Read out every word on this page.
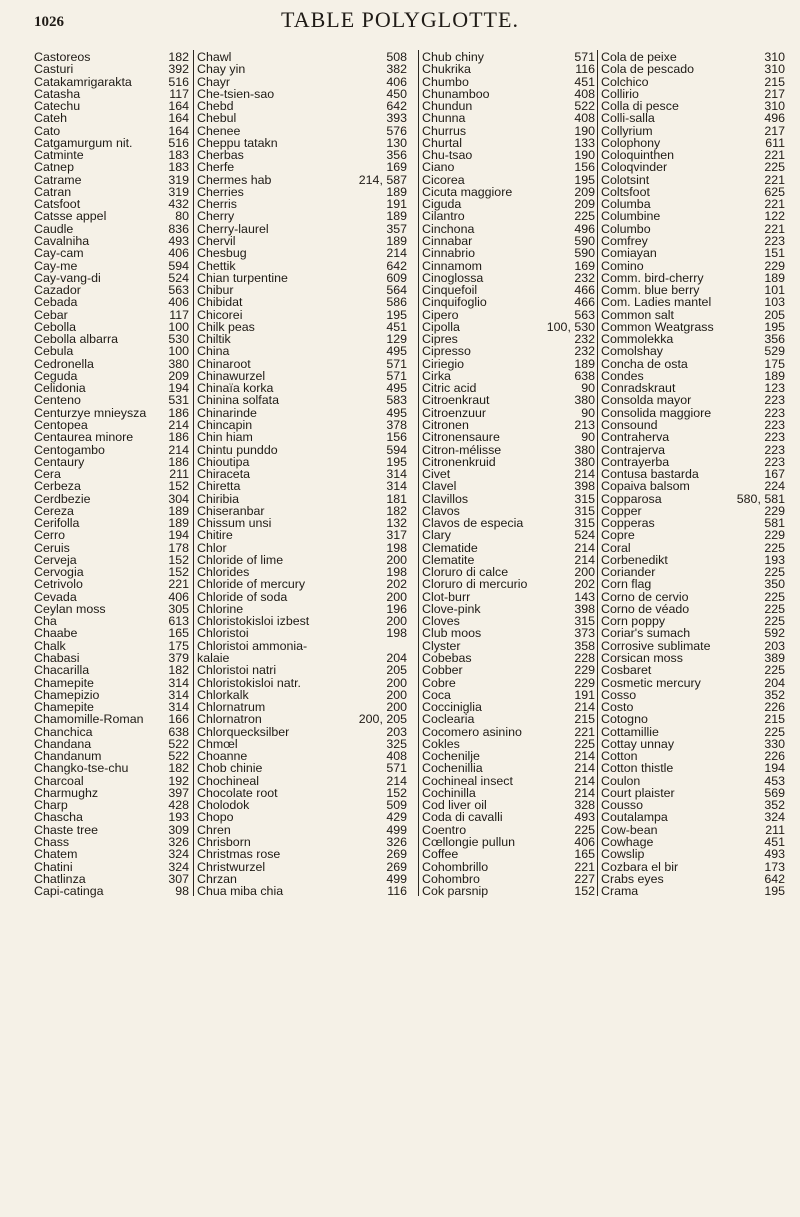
1026	TABLE POLYGLOTTE.
Castoreos	182
Casturi	392
Catakamrigarakta	516
Catasha	117
Catechu	164
Cateh	164
Cato	164
Catgamurgum nit.	516
Catminte	183
Catnep	183
Catrame	319
Catran	319
Catsfoot	432
Catsse appel	80
Caudle	836
Cavalniha	493
Cay-cam	406
Cay-me	594
Cay-vang-di	524
Cazador	563
Cebada	406
Cebar	117
Cebolla	100
Cebolla albarra	530
Cebula	100
Cedronella	380
Ceguda	209
Celidonia	194
Centeno	531
Centurzye mnieysza 186
Centopea	214
Centaurea minore	186
Centogambo	214
Centaury	186
Cera	211
Cerbeza	152
Cerdbezie	304
Cereza	189
Cerifolla	189
Cerro	194
Ceruis	178
Cerveja	152
Cervogia	152
Cetrivolo	221
Cevada	406
Ceylan moss	305
Cha	613
Chaabe	165
Chalk	175
Chabasi	379
Chacarilla	182
Chamepite	314
Chamepizio	314
Chamepite	314
Chamomille-Roman 166
Chanchica	638
Chandana	522
Chandanum	522
Changko-tse-chu	182
Charcoal	192
Charmughz	397
Charp	428
Chascha	193
Chaste tree	309
Chass	326
Chatem	324
Chatini	324
Chatlinza	307
Capi-catinga	98
Chawl	508
Chay yin	382
Chayr	406
Che-tsien-sao	450
Chebd	642
Chebul	393
Chenee	576
Cheppu tatakn	130
Cherbas	356
Cherfe	169
Chermes hab	214, 587
Cherries	189
Cherris	191
Cherry	189
Cherry-laurel	357
Chervil	189
Chesbug	214
Chettik	642
Chian turpentine	609
Chibur	564
Chibidat	586
Chicorei	195
Chilk peas	451
Chiltik	129
China	495
Chinaroot	571
Chinawurzel	571
Chinaïa korka	495
Chinina solfata	583
Chinarinde	495
Chincapin	378
Chin hiam	156
Chintu punddo	594
Chioutipa	195
Chiraceta	314
Chiretta	314
Chiribia	181
Chiseranbar	182
Chissum unsi	132
Chitire	317
Chlor	198
Chloride of lime	200
Chlorides	198
Chloride of mercury	202
Chloride of soda	200
Chlorine	196
Chloristokisloi izbest	200
Chloristoi	198
Chloristoi ammonia-
kalaie	204
Chloristoi natri	205
Chloristokisloi natr.	200
Chlorkalk	200
Chlornatrum	200
Chlornatron	200, 205
Chlorquecksilber	203
Chmœl	325
Choanne	408
Chob chinie	571
Chochineal	214
Chocolate root	152
Cholodok	509
Chopo	429
Chren	499
Chrisborn	326
Christmas rose	269
Christwurzel	269
Chrzan	499
Chua miba chia	116
Chub chiny	571
Chukrika	116
Chumbo	451
Chunamboo	408
Chundun	522
Chunna	408
Churrus	190
Churtal	133
Chu-tsao	190
Ciano	156
Cicorea	195
Cicuta maggiore	209
Ciguda	209
Cilantro	225
Cinchona	496
Cinnabar	590
Cinnabrio	590
Cinnamom	169
Cinoglossa	232
Cinquefoil	466
Cinquifoglio	466
Cipero	563
Cipolla	100, 530
Cipres	232
Cipresso	232
Ciriegio	189
Cirka	638
Citric acid	90
Citroenkraut	380
Citroenzuur	90
Citronen	213
Citronensaure	90
Citron-mélisse	380
Citronenkruid	380
Civet	214
Clavel	398
Clavillos	315
Clavos	315
Clavos de especia	315
Clary	524
Clematide	214
Clematite	214
Cloruro di calce	200
Cloruro di mercurio	202
Clot-burr	143
Clove-pink	398
Cloves	315
Club moos	373
Clyster	358
Cobebas	228
Cobber	229
Cobre	229
Coca	191
Cocciniglia	214
Coclearia	215
Cocomero asinino	221
Cokles	225
Cochenilje	214
Cochenillia	214
Cochineal insect	214
Cochinilla	214
Cod liver oil	328
Coda di cavalli	493
Coentro	225
Cœllongie pullun	406
Coffee	165
Cohombrillo	221
Cohombro	227
Cok parsnip	152
Cola de peixe	310
Cola de pescado	310
Colchico	215
Collirio	217
Colla di pesce	310
Colli-salla	496
Collyrium	217
Colophony	611
Coloquinthen	221
Coloqvinder	225
Colotsint	221
Coltsfoot	625
Columba	221
Columbine	122
Columbo	221
Comfrey	223
Comiayan	151
Comino	229
Comm. bird-cherry	189
Comm. blue berry	101
Com. Ladies mantel	103
Common salt	205
Common Weatgrass	195
Commolekka	356
Comolshay	529
Concha de osta	175
Condes	189
Conradskraut	123
Consolda mayor	223
Consolida maggiore	223
Consound	223
Contraherva	223
Contrajerva	223
Contrayerba	223
Contusa bastarda	167
Copaiva balsom	224
Copparosa	580, 581
Copper	229
Copperas	581
Copre	229
Coral	225
Corbenedikt	193
Coriander	225
Corn flag	350
Corno de cervio	225
Corno de véado	225
Corn poppy	225
Coriar's sumach	592
Corrosive sublimate	203
Corsican moss	389
Cosbaret	225
Cosmetic mercury	204
Cosso	352
Costo	226
Cotogno	215
Cottamillie	225
Cottay unnay	330
Cotton	226
Cotton thistle	194
Coulon	453
Court plaister	569
Cousso	352
Coutalampa	324
Cow-bean	211
Cowhage	451
Cowslip	493
Cozbara el bir	173
Crabs eyes	642
Crama	195
